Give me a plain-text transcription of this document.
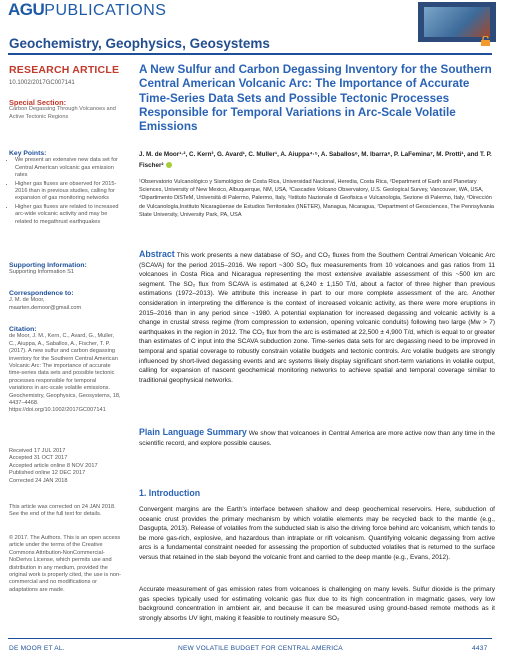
AGUPUBLICATIONS
Geochemistry, Geophysics, Geosystems
RESEARCH ARTICLE
10.1002/2017GC007141
Special Section:
Carbon Degassing Through Volcanoes and Active Tectonic Regions
Key Points:
• We present an extensive new data set for Central American volcanic gas emission rates
• Higher gas fluxes are observed for 2015-2016 than in previous studies, calling for expansion of gas monitoring networks
• Higher gas fluxes are related to increased arc-wide volcanic activity and may be related to megathrust earthquakes
Supporting Information:
Supporting Information S1
Correspondence to:
J. M. de Moor,
maarten.demoor@gmail.com
Citation:
de Moor, J. M., Kern, C., Avard, G., Muller, C., Aiuppa, A., Saballos, A., Fischer, T. P. (2017). A new sulfur and carbon degassing inventory for the Southern Central American Volcanic Arc: The importance of accurate time-series data sets and possible tectonic processes responsible for temporal variations in arc-scale volatile emissions. Geochemistry, Geophysics, Geosystems, 18, 4437–4468. https://doi.org/10.1002/2017GC007141
Received 17 JUL 2017
Accepted 31 OCT 2017
Accepted article online 8 NOV 2017
Published online 12 DEC 2017
Corrected 24 JAN 2018
This article was corrected on 24 JAN 2018. See the end of the full text for details.
© 2017. The Authors. This is an open access article under the terms of the Creative Commons Attribution-NonCommercial-NoDerivs License, which permits use and distribution in any medium, provided the original work is properly cited, the use is non-commercial and no modifications or adaptations are made.
A New Sulfur and Carbon Degassing Inventory for the Southern Central American Volcanic Arc: The Importance of Accurate Time-Series Data Sets and Possible Tectonic Processes Responsible for Temporal Variations in Arc-Scale Volatile Emissions
J. M. de Moor¹·², C. Kern³, G. Avard¹, C. Muller¹, A. Aiuppa⁴·⁵, A. Saballos⁶, M. Ibarra⁶, P. LaFemina⁷, M. Protti¹, and T. P. Fischer²
¹Observatorio Vulcanológico y Sismológico de Costa Rica, Universidad Nacional, Heredia, Costa Rica, ²Department of Earth and Planetary Sciences, University of New Mexico, Albuquerque, NM, USA, ³Cascades Volcano Observatory, U.S. Geological Survey, Vancouver, WA, USA, ⁴Dipartimento DiSTeM, Università di Palermo, Palermo, Italy, ⁵Istituto Nazionale di Geofisica e Vulcanologia, Sezione di Palermo, Italy, ⁶Dirección de Vulcanología,Instituto Nicaragüense de Estudios Territoriales (INETER), Managua, Nicaragua, ⁷Department of Geosciences, The Pennsylvania State University, University Park, PA, USA
Abstract This work presents a new database of SO₂ and CO₂ fluxes from the Southern Central American Volcanic Arc (SCAVA) for the period 2015–2016. We report ~300 SO₂ flux measurements from 10 volcanoes and gas ratios from 11 volcanoes in Costa Rica and Nicaragua representing the most extensive available assessment of this ~500 km arc segment. The SO₂ flux from SCAVA is estimated at 6,240 ± 1,150 T/d, about a factor of three higher than previous estimations (1972–2013). We attribute this increase in part to our more complete assessment of the arc. Another consideration in interpreting the difference is the context of increased volcanic activity, as there were more eruptions in 2015–2016 than in any period since ~1980. A potential explanation for increased degassing and volcanic activity is a change in crustal stress regime (from compression to extension, opening volcanic conduits) following two large (Mw > 7) earthquakes in the region in 2012. The CO₂ flux from the arc is estimated at 22,500 ± 4,900 T/d, which is equal to or greater than estimates of C input into the SCAVA subduction zone. Time-series data sets for arc degassing need to be improved in temporal and spatial coverage to robustly constrain volatile budgets and tectonic controls. Arc volatile budgets are strongly influenced by short-lived degassing events and arc systems likely display significant short-term variations in volatile output, calling for expansion of nascent geochemical monitoring networks to achieve spatial and temporal coverage similar to traditional geophysical networks.
Plain Language Summary We show that volcanoes in Central America are more active now than any time in the scientific record, and explore possible causes.
1. Introduction
Convergent margins are the Earth's interface between shallow and deep geochemical reservoirs. Here, subduction of oceanic crust provides the primary mechanism by which volatile elements may be recycled back to the mantle (e.g., Dasgupta, 2013). Release of volatiles from the subducted slab is also the driving force behind arc volcanism, which tends to be more gas-rich, explosive, and hazardous than intraplate or rift volcanism. Quantifying volcanic degassing from active arcs is a fundamental constraint needed for assessing the proportion of subducted volatiles that is returned to the surface versus that retained in the slab beyond the volcanic front and carried to the deep mantle (e.g., Evans, 2012).
Accurate measurement of gas emission rates from volcanoes is challenging on many levels. Sulfur dioxide is the primary gas species typically used for estimating volcanic gas flux due to its high concentration in magmatic gases, very low background concentration in ambient air, and because it can be measured using ground-based remote methods as it strongly absorbs UV light, making it feasible to routinely measure SO₂
DE MOOR ET AL.	NEW VOLATILE BUDGET FOR CENTRAL AMERICA	4437
